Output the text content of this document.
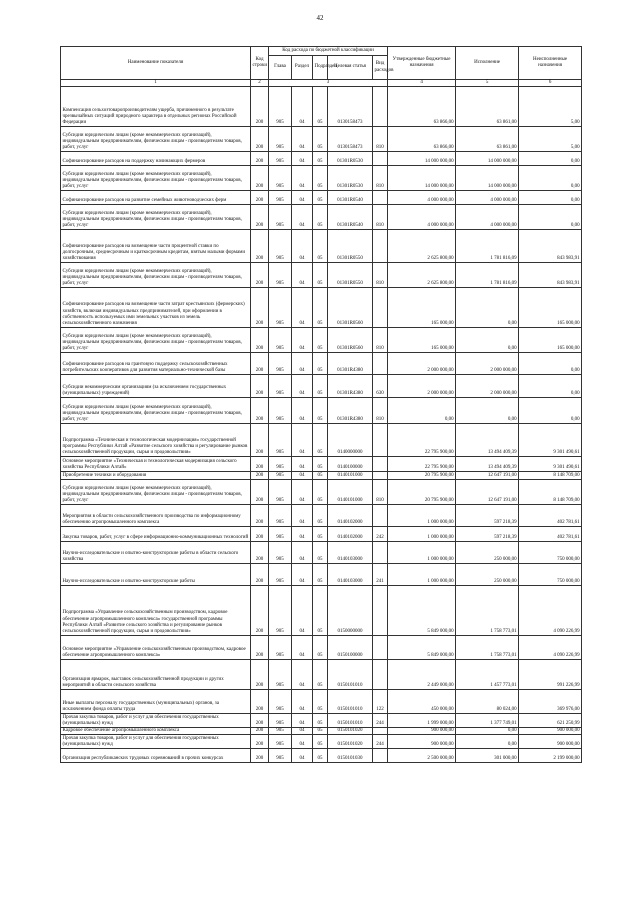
42
Наименование показателя	Код строки	Код расхода по бюджетной классификации					Утвержденные бюджетные назначения	Исполнение	Неисполненные назначения
		Глава	Раздел	Подраздел	Целевая статья	Вид расходов			
1	2	3					4	5	6
Компенсация сельхозтоваропроизводителям ущерба, причиненного в результате чрезвычайных ситуаций природного характера в отдельных регионах Российской Федерации	200	905	04	05	0130158473		63 866,00	63 861,00	5,00
Субсидии юридическим лицам (кроме некоммерческих организаций), индивидуальным предпринимателям, физическим лицам - производителям товаров, работ, услуг	200	905	04	05	0130158473	810	63 866,00	63 861,00	5,00
Софинансирование расходов на поддержку начинающих фермеров	200	905	04	05	01301R0530		14 000 000,00	14 000 000,00	0,00
Субсидии юридическим лицам (кроме некоммерческих организаций), индивидуальным предпринимателям, физическим лицам - производителям товаров, работ, услуг	200	905	04	05	01301R0530	810	14 000 000,00	14 000 000,00	0,00
Софинансирование расходов на развитие семейных животноводческих ферм	200	905	04	05	01301R0540		4 000 000,00	4 000 000,00	0,00
Субсидии юридическим лицам (кроме некоммерческих организаций), индивидуальным предпринимателям, физическим лицам - производителям товаров, работ, услуг	200	905	04	05	01301R0540	810	4 000 000,00	4 000 000,00	0,00
Софинансирование расходов на возмещение части процентной ставки по долгосрочным, среднесрочным и краткосрочным кредитам, взятым малыми формами хозяйствования	200	905	04	05	01301R0550		2 625 800,00	1 781 816,09	843 983,91
Субсидии юридическим лицам (кроме некоммерческих организаций), индивидуальным предпринимателям, физическим лицам - производителям товаров, работ, услуг	200	905	04	05	01301R0550	810	2 625 800,00	1 781 816,09	843 983,91
Софинансирование расходов на возмещение части затрат крестьянских (фермерских) хозяйств, включая индивидуальных предпринимателей, при оформлении в собственность используемых ими земельных участков из земель сельскохозяйственного назначения	200	905	04	05	01301R0560		165 000,00	0,00	165 000,00
Субсидии юридическим лицам (кроме некоммерческих организаций), индивидуальным предпринимателям, физическим лицам - производителям товаров, работ, услуг	200	905	04	05	01301R0560	810	165 000,00	0,00	165 000,00
Софинансирование расходов на грантовую поддержку сельскохозяйственных потребительских кооперативов для развития материально-технической базы	200	905	04	05	01301R4380		2 000 000,00	2 000 000,00	0,00
Субсидии некоммерческим организациям (за исключением государственных (муниципальных) учреждений)	200	905	04	05	01301R4380	630	2 000 000,00	2 000 000,00	0,00
Субсидии юридическим лицам (кроме некоммерческих организаций), индивидуальным предпринимателям, физическим лицам - производителям товаров, работ, услуг	200	905	04	05	01301R4380	810	0,00	0,00	0,00
Подпрограмма «Техническая и технологическая модернизация» государственной программы Республики Алтай «Развитие сельского хозяйства и регулирование рынков сельскохозяйственной продукции, сырья и продовольствия»	200	905	04	05	0140000000		22 795 900,00	13 494 409,39	9 301 490,61
Основное мероприятие «Техническая и технологическая модернизация сельского хозяйства Республики Алтай»	200	905	04	05	0140100000		22 795 900,00	13 494 409,39	9 301 490,61
Приобретение техники и оборудования	200	905	04	05	0140101000		20 795 900,00	12 647 191,00	8 148 709,00
Субсидии юридическим лицам (кроме некоммерческих организаций), индивидуальным предпринимателям, физическим лицам - производителям товаров, работ, услуг	200	905	04	05	0140101000	810	20 795 900,00	12 647 191,00	8 148 709,00
Мероприятия в области сельскохозяйственного производства по информационному обеспечению агропромышленного комплекса	200	905	04	05	0140102000		1 000 000,00	597 218,39	402 781,61
Закупка товаров, работ, услуг в сфере информационно-коммуникационных технологий	200	905	04	05	0140102000	242	1 000 000,00	597 218,39	402 781,61
Научно-исследовательские и опытно-конструкторские работы в области сельского хозяйства	200	905	04	05	0140103000		1 000 000,00	250 000,00	750 000,00
Научно-исследовательские и опытно-конструкторские работы	200	905	04	05	0140103000	241	1 000 000,00	250 000,00	750 000,00
Подпрограмма «Управление сельскохозяйственным производством, кадровое обеспечение агропромышленного комплекса» государственной программы Республики Алтай «Развитие сельского хозяйства и регулирование рынков сельскохозяйственной продукции, сырья и продовольствия»	200	905	04	05	0150000000		5 849 000,00	1 758 773,01	4 090 226,99
Основное мероприятие «Управление сельскохозяйственным производством, кадровое обеспечение агропромышленного комплекса»	200	905	04	05	0150100000		5 849 000,00	1 758 773,01	4 090 226,99
Организация ярмарок, выставок сельскохозяйственной продукции и других мероприятий в области сельского хозяйства	200	905	04	05	0150101010		2 449 000,00	1 457 773,01	991 226,99
Иные выплаты персоналу государственных (муниципальных) органов, за исключением фонда оплаты труда	200	905	04	05	0150101010	122	450 000,00	80 024,00	369 976,00
Прочая закупка товаров, работ и услуг для обеспечения государственных (муниципальных) нужд	200	905	04	05	0150101010	244	1 999 000,00	1 377 749,01	621 250,99
Кадровое обеспечение агропромышленного комплекса	200	905	04	05	0150101020		900 000,00	0,00	900 000,00
Прочая закупка товаров, работ и услуг для обеспечения государственных (муниципальных) нужд	200	905	04	05	0150101020	244	900 000,00	0,00	900 000,00
Организация республиканских трудовых соревнований в прочих конкурсах	200	905	04	05	0150101030		2 500 000,00	301 000,00	2 199 000,00
